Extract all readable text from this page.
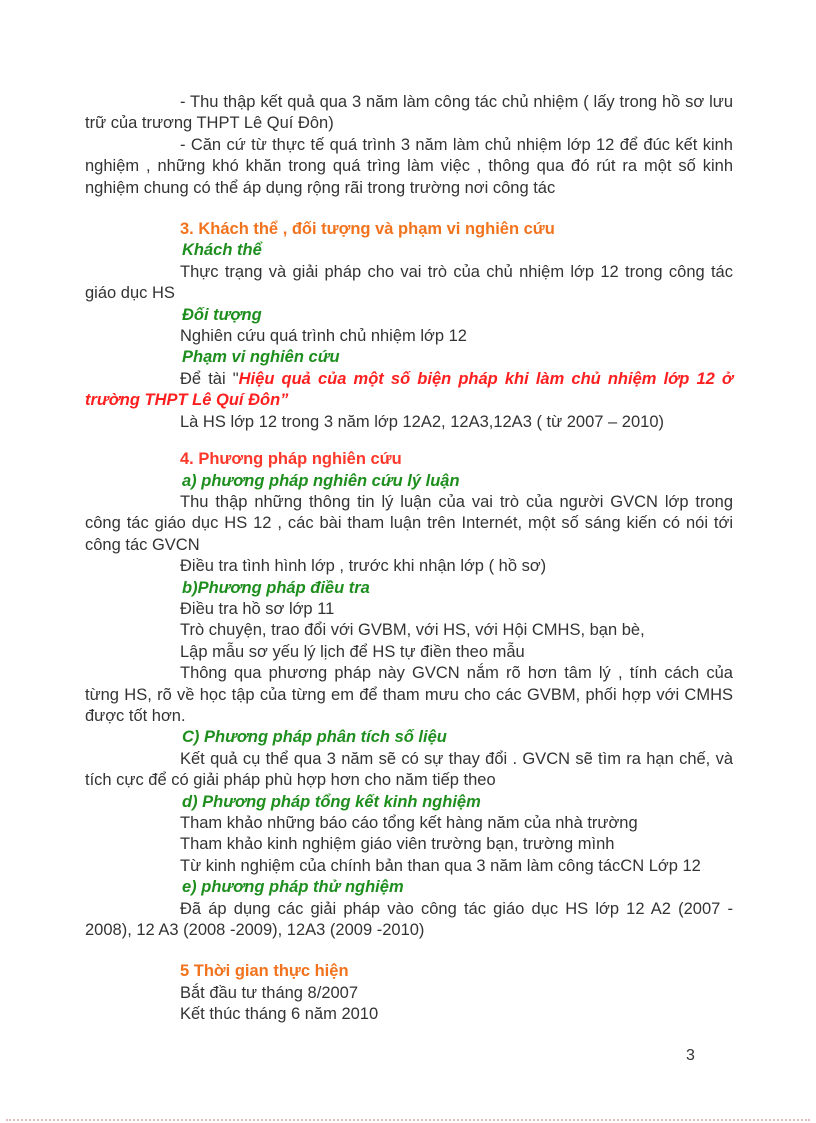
- Thu thập kết quả qua 3 năm làm công tác chủ nhiệm ( lấy trong hồ sơ lưu trữ của trương THPT Lê Quí Đôn)

- Căn cứ từ thực tế quá trình 3 năm làm chủ nhiệm lớp 12 để đúc kết kinh nghiệm , những khó khăn trong quá trìng làm việc , thông qua đó rút ra một số kinh nghiệm chung có thể áp dụng rộng rãi trong trường nơi công tác

3. Khách thể , đối tượng và phạm vi nghiên cứu

Khách thể

Thực trạng và giải pháp cho vai trò của chủ nhiệm lớp 12 trong công tác giáo dục HS

Đối tượng

Nghiên cứu quá trình chủ nhiệm lớp 12

Phạm vi nghiên cứu

Để tài "Hiệu quả của một số biện pháp khi làm chủ nhiệm lớp 12 ở trường THPT Lê Quí Đôn”

Là HS lớp 12 trong 3 năm lớp 12A2, 12A3,12A3 ( từ 2007 – 2010)

4. Phương pháp nghiên cứu

a) phương pháp nghiên cứu lý luận

Thu thập những thông tin lý luận của vai trò của người GVCN lớp trong công tác giáo dục HS 12 , các bài tham luận trên Internét, một số sáng kiến có nói tới công tác GVCN

Điều tra tình hình lớp , trước khi nhận lớp ( hồ sơ)

b)Phương pháp điều tra

Điều tra hồ sơ lớp 11

Trò chuyện, trao đổi với GVBM, với HS, với Hội CMHS, bạn bè,

Lập mẫu sơ yếu lý lịch để HS tự điền theo mẫu

Thông qua phương pháp này GVCN nắm rõ hơn tâm lý , tính cách của từng HS, rõ về học tập của từng em để tham mưu cho các GVBM, phối hợp với CMHS được tốt hơn.

C) Phương pháp phân tích số liệu

Kết quả cụ thể qua 3 năm sẽ có sự thay đổi . GVCN sẽ tìm ra hạn chế, và tích cực để có giải pháp phù hợp hơn cho năm tiếp theo

d) Phương pháp tổng kết kinh nghiệm

Tham khảo những báo cáo tổng kết hàng năm của nhà trường

Tham khảo kinh nghiệm giáo viên trường bạn, trường mình

Từ kinh nghiệm của chính bản than qua 3 năm làm công tácCN Lớp 12

e) phương pháp thử nghiệm

Đã áp dụng các giải pháp vào công tác giáo dục HS lớp 12 A2 (2007 - 2008), 12 A3 (2008 -2009), 12A3 (2009 -2010)

5 Thời gian thực hiện

Bắt đầu tư tháng 8/2007

Kết thúc tháng 6 năm 2010

3
